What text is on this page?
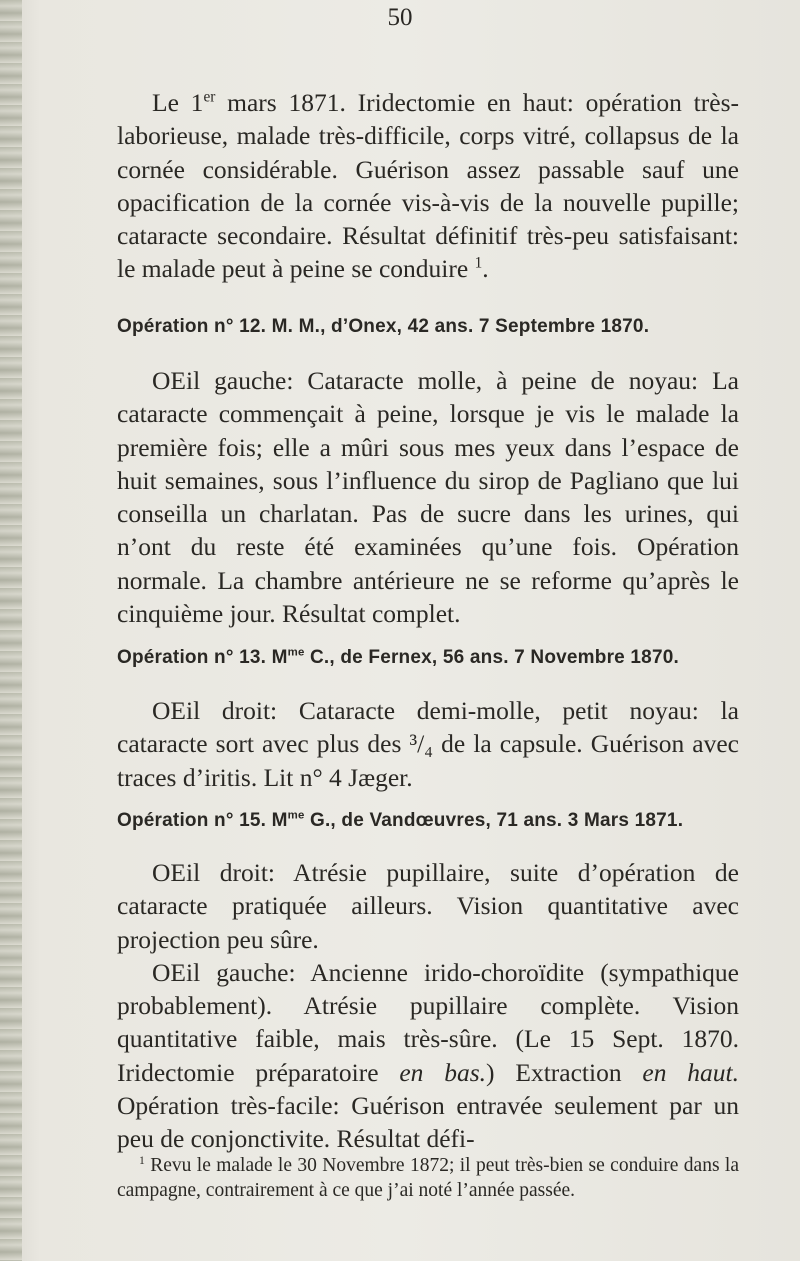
50
Le 1er mars 1871. Iridectomie en haut: opération très-laborieuse, malade très-difficile, corps vitré, collapsus de la cornée considérable. Guérison assez passable sauf une opacification de la cornée vis-à-vis de la nouvelle pupille; cataracte secondaire. Résultat définitif très-peu satisfaisant: le malade peut à peine se conduire $^1$.
Opération n° 12. M. M., d’Onex, 42 ans. 7 Septembre 1870.
OEil gauche: Cataracte molle, à peine de noyau: La cataracte commençait à peine, lorsque je vis le malade la première fois; elle a mûri sous mes yeux dans l’espace de huit semaines, sous l’influence du sirop de Pagliano que lui conseilla un charlatan. Pas de sucre dans les urines, qui n’ont du reste été examinées qu’une fois. Opération normale. La chambre antérieure ne se reforme qu’après le cinquième jour. Résultat complet.
Opération n° 13. $M^{me}$ C., de Fernex, 56 ans. 7 Novembre 1870.
OEil droit: Cataracte demi-molle, petit noyau: la cataracte sort avec plus des ³/₄ de la capsule. Guérison avec traces d’iritis. Lit n° 4 Jæger.
Opération n° 15. $M^{me}$ G., de Vandœuvres, 71 ans. 3 Mars 1871.
OEil droit: Atrésie pupillaire, suite d’opération de cataracte pratiquée ailleurs. Vision quantitative avec projection peu sûre.
OEil gauche: Ancienne irido-choroïdite (sympathique probablement). Atrésie pupillaire complète. Vision quantitative faible, mais très-sûre. (Le 15 Sept. 1870. Iridectomie préparatoire en bas.) Extraction en haut. Opération très-facile: Guérison entravée seulement par un peu de conjonctivite. Résultat défi-
$^1$ Revu le malade le 30 Novembre 1872; il peut très-bien se conduire dans la campagne, contrairement à ce que j’ai noté l’année passée.
